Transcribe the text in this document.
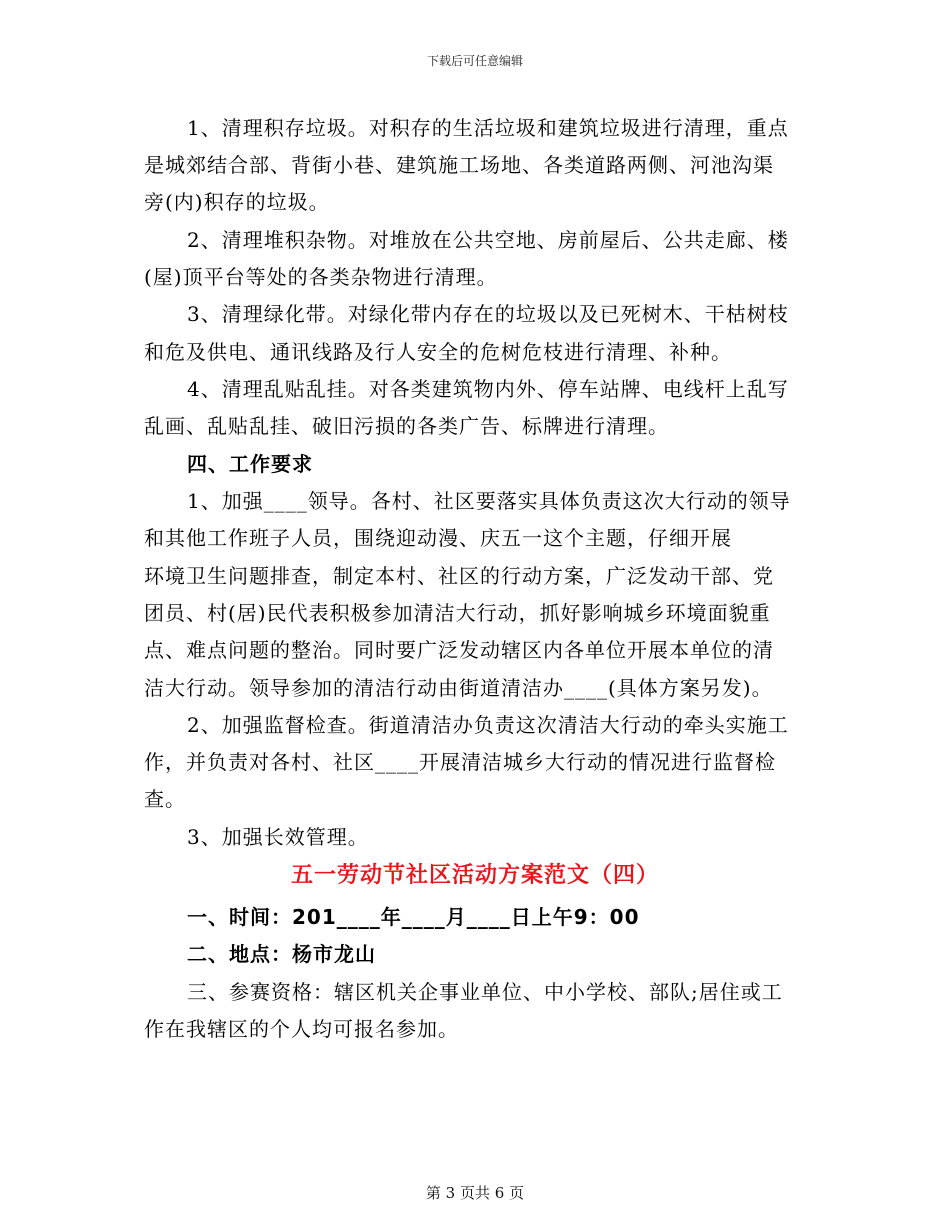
下载后可任意编辑
1、清理积存垃圾。对积存的生活垃圾和建筑垃圾进行清理，重点
是城郊结合部、背街小巷、建筑施工场地、各类道路两侧、河池沟渠
旁(内)积存的垃圾。
2、清理堆积杂物。对堆放在公共空地、房前屋后、公共走廊、楼
(屋)顶平台等处的各类杂物进行清理。
3、清理绿化带。对绿化带内存在的垃圾以及已死树木、干枯树枝
和危及供电、通讯线路及行人安全的危树危枝进行清理、补种。
4、清理乱贴乱挂。对各类建筑物内外、停车站牌、电线杆上乱写
乱画、乱贴乱挂、破旧污损的各类广告、标牌进行清理。
四、工作要求
1、加强____领导。各村、社区要落实具体负责这次大行动的领导
和其他工作班子人员，围绕迎动漫、庆五一这个主题，仔细开展
环境卫生问题排查，制定本村、社区的行动方案，广泛发动干部、党
团员、村(居)民代表积极参加清洁大行动，抓好影响城乡环境面貌重
点、难点问题的整治。同时要广泛发动辖区内各单位开展本单位的清
洁大行动。领导参加的清洁行动由街道清洁办____(具体方案另发)。
2、加强监督检查。街道清洁办负责这次清洁大行动的牵头实施工
作，并负责对各村、社区____开展清洁城乡大行动的情况进行监督检
查。
3、加强长效管理。
五一劳动节社区活动方案范文（四）
一、时间：201____年____月____日上午9：00
二、地点：杨市龙山
三、参赛资格：辖区机关企事业单位、中小学校、部队;居住或工
作在我辖区的个人均可报名参加。
第 3 页共 6 页
